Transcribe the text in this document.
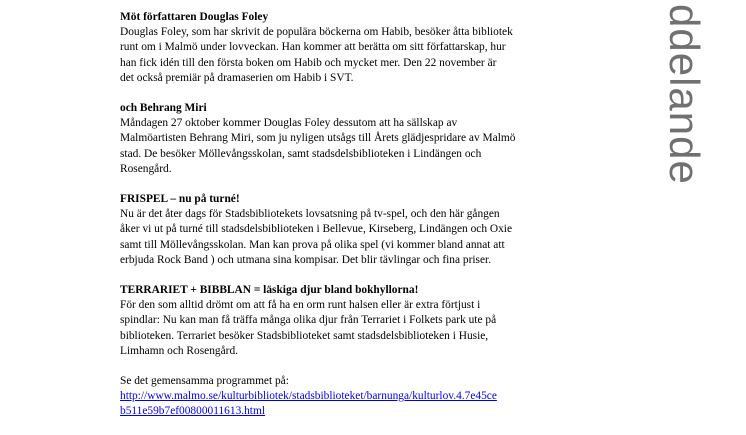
ddelande
Möt författaren Douglas Foley
Douglas Foley, som har skrivit de populära böckerna om Habib, besöker åtta bibliotek
runt om i Malmö under lovveckan. Han kommer att berätta om sitt författarskap, hur
han fick idén till den första boken om Habib och mycket mer. Den 22 november är
det också premiär på dramaserien om Habib i SVT.
och Behrang Miri
Måndagen 27 oktober kommer Douglas Foley dessutom att ha sällskap av
Malmöartisten Behrang Miri, som ju nyligen utsågs till Årets glädjespridare av Malmö
stad. De besöker Möllevångsskolan, samt stadsdelsbiblioteken i Lindängen och
Rosengård.
FRISPEL – nu på turné!
Nu är det åter dags för Stadsbibliotekets lovsatsning på tv-spel, och den här gången
åker vi ut på turné till stadsdelsbiblioteken i Bellevue, Kirseberg, Lindängen och Oxie
samt till Möllevångsskolan. Man kan prova på olika spel (vi kommer bland annat att
erbjuda Rock Band ) och utmana sina kompisar. Det blir tävlingar och fina priser.
TERRARIET + BIBBLAN = läskiga djur bland bokhyllorna!
För den som alltid drömt om att få ha en orm runt halsen eller är extra förtjust i
spindlar: Nu kan man få träffa många olika djur från Terrariet i Folkets park ute på
biblioteken. Terrariet besöker Stadsbiblioteket samt stadsdelsbiblioteken i Husie,
Limhamn och Rosengård.
Se det gemensamma programmet på:
http://www.malmo.se/kulturbibliotek/stadsbiblioteket/barnunga/kulturlov.4.7e45ce
b511e59b7ef00800011613.html
